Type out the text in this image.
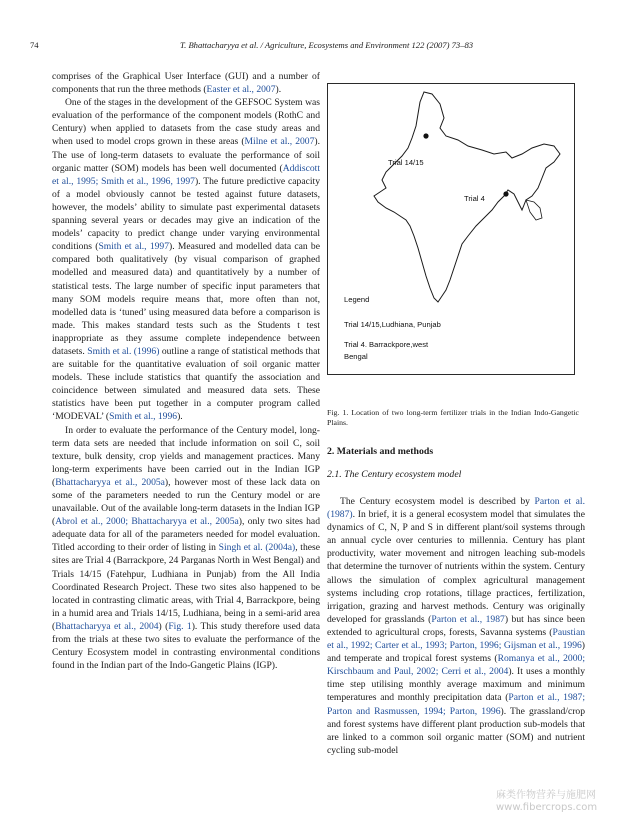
74	T. Bhattacharyya et al. / Agriculture, Ecosystems and Environment 122 (2007) 73–83

comprises of the Graphical User Interface (GUI) and a number of components that run the three methods (Easter et al., 2007).

One of the stages in the development of the GEFSOC System was evaluation of the performance of the component models (RothC and Century) when applied to datasets from the case study areas and when used to model crops grown in these areas (Milne et al., 2007). The use of long-term datasets to evaluate the performance of soil organic matter (SOM) models has been well documented (Addiscott et al., 1995; Smith et al., 1996, 1997). The future predictive capacity of a model obviously cannot be tested against future datasets, however, the models’ ability to simulate past experimental datasets spanning several years or decades may give an indication of the models’ capacity to predict change under varying environmental conditions (Smith et al., 1997). Measured and modelled data can be compared both qualitatively (by visual comparison of graphed modelled and measured data) and quantitatively by a number of statistical tests. The large number of specific input parameters that many SOM models require means that, more often than not, modelled data is ‘tuned’ using measured data before a comparison is made. This makes standard tests such as the Students t test inappropriate as they assume complete independence between datasets. Smith et al. (1996) outline a range of statistical methods that are suitable for the quantitative evaluation of soil organic matter models. These include statistics that quantify the association and coincidence between simulated and measured data sets. These statistics have been put together in a computer program called ‘MODEVAL’ (Smith et al., 1996).

In order to evaluate the performance of the Century model, long-term data sets are needed that include information on soil C, soil texture, bulk density, crop yields and management practices. Many long-term experiments have been carried out in the Indian IGP (Bhattacharyya et al., 2005a), however most of these lack data on some of the parameters needed to run the Century model or are unavailable. Out of the available long-term datasets in the Indian IGP (Abrol et al., 2000; Bhattacharyya et al., 2005a), only two sites had adequate data for all of the parameters needed for model evaluation. Titled according to their order of listing in Singh et al. (2004a), these sites are Trial 4 (Barrackpore, 24 Parganas North in West Bengal) and Trials 14/15 (Fatehpur, Ludhiana in Punjab) from the All India Coordinated Research Project. These two sites also happened to be located in contrasting climatic areas, with Trial 4, Barrackpore, being in a humid area and Trials 14/15, Ludhiana, being in a semi-arid area (Bhattacharyya et al., 2004) (Fig. 1). This study therefore used data from the trials at these two sites to evaluate the performance of the Century Ecosystem model in contrasting environmental conditions found in the Indian part of the Indo-Gangetic Plains (IGP).

Trial 14/15
Trial 4
Legend
Trial 14/15,Ludhiana, Punjab
Trial 4. Barrackpore,west
Bengal
Fig. 1. Location of two long-term fertilizer trials in the Indian Indo-Gangetic Plains.
2. Materials and methods
2.1. The Century ecosystem model

The Century ecosystem model is described by Parton et al. (1987). In brief, it is a general ecosystem model that simulates the dynamics of C, N, P and S in different plant/soil systems through an annual cycle over centuries to millennia. Century has plant productivity, water movement and nitrogen leaching sub-models that determine the turnover of nutrients within the system. Century allows the simulation of complex agricultural management systems including crop rotations, tillage practices, fertilization, irrigation, grazing and harvest methods. Century was originally developed for grasslands (Parton et al., 1987) but has since been extended to agricultural crops, forests, Savanna systems (Paustian et al., 1992; Carter et al., 1993; Parton, 1996; Gijsman et al., 1996) and temperate and tropical forest systems (Romanya et al., 2000; Kirschbaum and Paul, 2002; Cerri et al., 2004). It uses a monthly time step utilising monthly average maximum and minimum temperatures and monthly precipitation data (Parton et al., 1987; Parton and Rasmussen, 1994; Parton, 1996). The grassland/crop and forest systems have different plant production sub-models that are linked to a common soil organic matter (SOM) and nutrient cycling sub-model

麻类作物营养与施肥网
www.fibercrops.com
